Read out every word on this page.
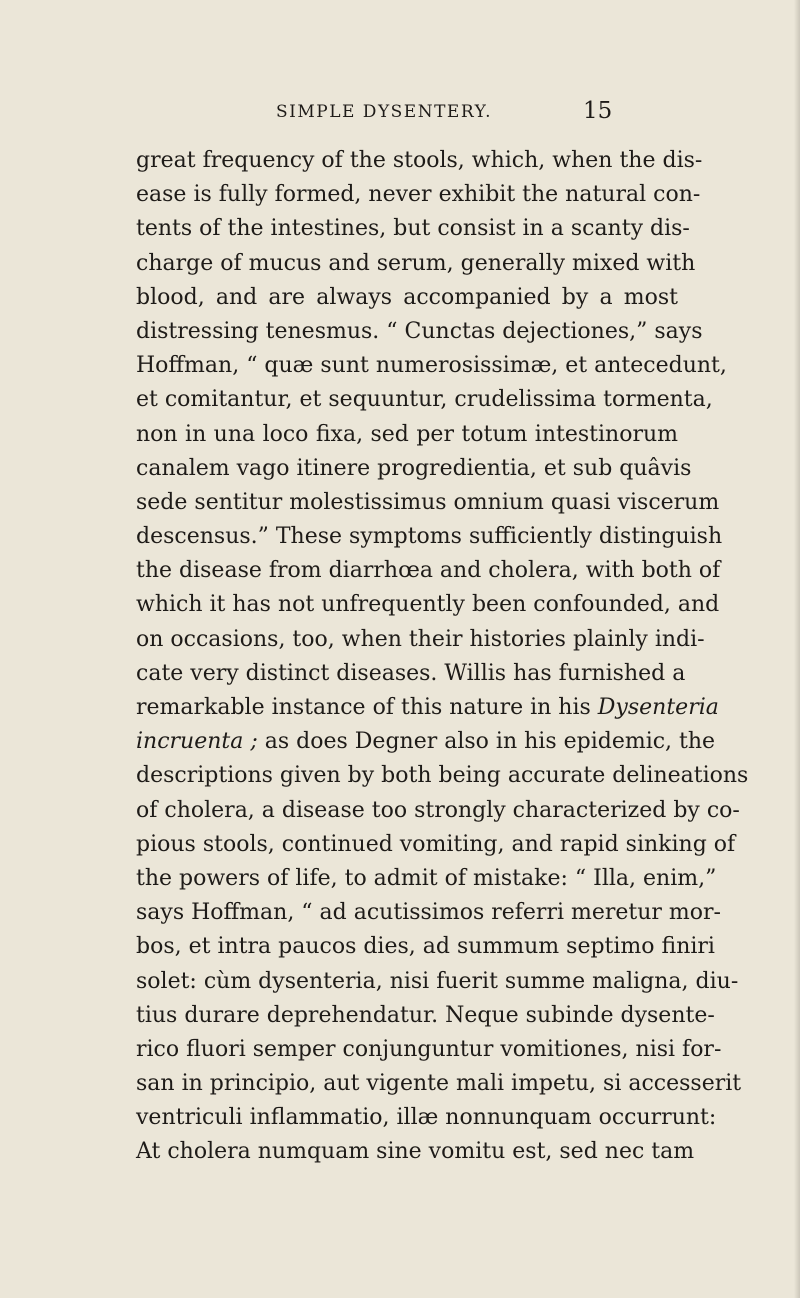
SIMPLE DYSENTERY.	15
great frequency of the stools, which, when the dis-
ease is fully formed, never exhibit the natural con-
tents of the intestines, but consist in a scanty dis-
charge of mucus and serum, generally mixed with
blood, and are always accompanied by a most
distressing tenesmus. “ Cunctas dejectiones,” says
Hoffman, “ quæ sunt numerosissimæ, et antecedunt,
et comitantur, et sequuntur, crudelissima tormenta,
non in una loco fixa, sed per totum intestinorum
canalem vago itinere progredientia, et sub quâvis
sede sentitur molestissimus omnium quasi viscerum
descensus.” These symptoms sufficiently distinguish
the disease from diarrhœa and cholera, with both of
which it has not unfrequently been confounded, and
on occasions, too, when their histories plainly indi-
cate very distinct diseases. Willis has furnished a
remarkable instance of this nature in his Dysenteria
incruenta ; as does Degner also in his epidemic, the
descriptions given by both being accurate delineations
of cholera, a disease too strongly characterized by co-
pious stools, continued vomiting, and rapid sinking of
the powers of life, to admit of mistake: “ Illa, enim,”
says Hoffman, “ ad acutissimos referri meretur mor-
bos, et intra paucos dies, ad summum septimo finiri
solet: cùm dysenteria, nisi fuerit summe maligna, diu-
tius durare deprehendatur. Neque subinde dysente-
rico fluori semper conjunguntur vomitiones, nisi for-
san in principio, aut vigente mali impetu, si accesserit
ventriculi inflammatio, illæ nonnunquam occurrunt:
At cholera numquam sine vomitu est, sed nec tam
